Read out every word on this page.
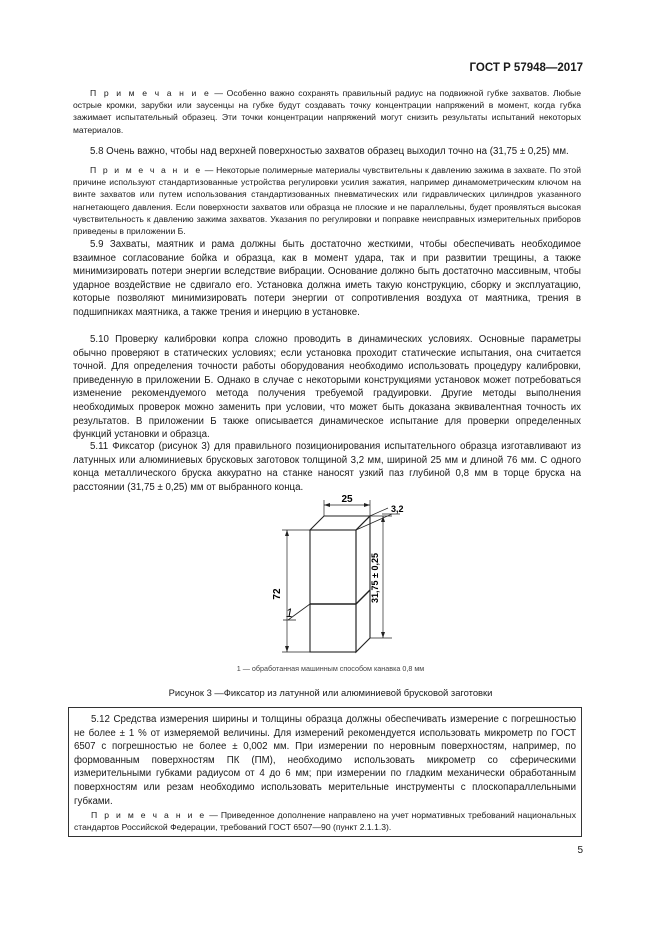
ГОСТ Р 57948—2017
П р и м е ч а н и е — Особенно важно сохранять правильный радиус на подвижной губке захватов. Любые острые кромки, зарубки или заусенцы на губке будут создавать точку концентрации напряжений в момент, когда губка зажимает испытательный образец. Эти точки концентрации напряжений могут снизить результаты испытаний некоторых материалов.
5.8 Очень важно, чтобы над верхней поверхностью захватов образец выходил точно на (31,75 ± 0,25) мм.
П р и м е ч а н и е — Некоторые полимерные материалы чувствительны к давлению зажима в захвате. По этой причине используют стандартизованные устройства регулировки усилия зажатия, например динамометрическим ключом на винте захватов или путем использования стандартизованных пневматических или гидравлических цилиндров указанного нагнетающего давления. Если поверхности захватов или образца не плоские и не параллельны, будет проявляться высокая чувствительность к давлению зажима захватов. Указания по регулировки и поправке неисправных измерительных приборов приведены в приложении Б.
5.9 Захваты, маятник и рама должны быть достаточно жесткими, чтобы обеспечивать необходимое взаимное согласование бойка и образца, как в момент удара, так и при развитии трещины, а также минимизировать потери энергии вследствие вибрации. Основание должно быть достаточно массивным, чтобы ударное воздействие не сдвигало его. Установка должна иметь такую конструкцию, сборку и эксплуатацию, которые позволяют минимизировать потери энергии от сопротивления воздуха от маятника, трения в подшипниках маятника, а также трения и инерцию в установке.
5.10 Проверку калибровки копра сложно проводить в динамических условиях. Основные параметры обычно проверяют в статических условиях; если установка проходит статические испытания, она считается точной. Для определения точности работы оборудования необходимо использовать процедуру калибровки, приведенную в приложении Б. Однако в случае с некоторыми конструкциями установок может потребоваться изменение рекомендуемого метода получения требуемой градуировки. Другие методы выполнения необходимых проверок можно заменить при условии, что может быть доказана эквивалентная точность их результатов. В приложении Б также описывается динамическое испытание для проверки определенных функций установки и образца.
5.11 Фиксатор (рисунок 3) для правильного позиционирования испытательного образца изготавливают из латунных или алюминиевых брусковых заготовок толщиной 3,2 мм, шириной 25 мм и длиной 76 мм. С одного конца металлического бруска аккуратно на станке наносят узкий паз глубиной 0,8 мм в торце бруска на расстоянии (31,75 ± 0,25) мм от выбранного конца.
25
3,2
72	31,75 ± 0,25
1
1 — обработанная машинным способом канавка 0,8 мм
Рисунок 3 —Фиксатор из латунной или алюминиевой брусковой заготовки
5.12 Средства измерения ширины и толщины образца должны обеспечивать измерение с погрешностью не более ± 1 % от измеряемой величины. Для измерений рекомендуется использовать микрометр по ГОСТ 6507 с погрешностью не более ± 0,002 мм. При измерении по неровным поверхностям, например, по формованным поверхностям ПК (ПМ), необходимо использовать микрометр со сферическими измерительными губками радиусом от 4 до 6 мм; при измерении по гладким механически обработанным поверхностям или резам необходимо использовать мерительные инструменты с плоскопараллельными губками.
П р и м е ч а н и е — Приведенное дополнение направлено на учет нормативных требований национальных стандартов Российской Федерации, требований ГОСТ 6507—90 (пункт 2.1.1.3).
5
